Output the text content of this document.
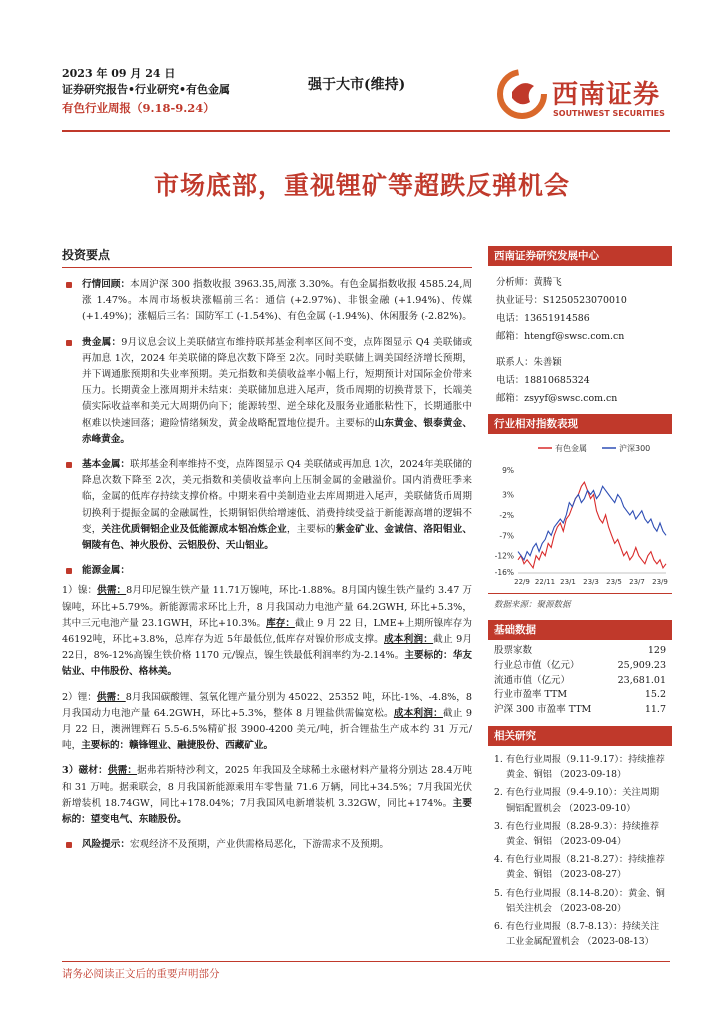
2023 年 09 月 24 日
证券研究报告•行业研究•有色金属
有色行业周报（9.18-9.24）
强于大市(维持)	西南证券
SOUTHWEST SECURITIES
市场底部，重视锂矿等超跌反弹机会
投资要点
行情回顾：本周沪深 300 指数收报 3963.35,周涨 3.30%。有色金属指数收报 4585.24,周涨 1.47%。本周市场板块涨幅前三名：通信 (+2.97%)、非银金融 (+1.94%)、传媒 (+1.49%)；涨幅后三名：国防军工 (-1.54%)、有色金属 (-1.94%)、休闲服务 (-2.82%)。
贵金属：9月议息会议上美联储宣布维持联邦基金利率区间不变，点阵图显示 Q4 美联储或再加息 1次，2024 年美联储的降息次数下降至 2次。同时美联储上调美国经济增长预期，并下调通胀预期和失业率预期。美元指数和美债收益率小幅上行，短期预计对国际金价带来压力。长期黄金上涨周期并未结束：美联储加息进入尾声，货币周期的切换背景下，长端美债实际收益率和美元大周期仍向下；能源转型、逆全球化及服务业通胀粘性下，长期通胀中枢难以快速回落；避险情绪频发，黄金战略配置地位提升。主要标的山东黄金、银泰黄金、赤峰黄金。
基本金属：联邦基金利率维持不变，点阵图显示 Q4 美联储或再加息 1次，2024年美联储的降息次数下降至 2次，美元指数和美债收益率向上压制金属的金融溢价。国内消费旺季来临，金属的低库存持续支撑价格。中期来看中美制造业去库周期进入尾声，美联储货币周期切换利于提振金属的金融属性，长期铜铝供给增速低、消费持续受益于新能源高增的逻辑不变，关注优质铜铝企业及低能源成本铝冶炼企业，主要标的紫金矿业、金诚信、洛阳钼业、铜陵有色、神火股份、云铝股份、天山铝业。
能源金属：
1）镍：供需：8月印尼镍生铁产量 11.71万镍吨，环比-1.88%。8月国内镍生铁产量约 3.47 万镍吨，环比+5.79%。新能源需求环比上升，8 月我国动力电池产量 64.2GWH, 环比+5.3%，其中三元电池产量 23.1GWH，环比+10.3%。库存：截止 9 月 22 日，LME+上期所镍库存为 46192吨，环比+3.8%，总库存为近 5年最低位,低库存对镍价形成支撑。成本利润：截止 9月 22日，8%-12%高镍生铁价格 1170 元/镍点，镍生铁最低利润率约为-2.14%。主要标的：华友钴业、中伟股份、格林美。
2）锂：供需：8月我国碳酸锂、氢氧化锂产量分别为 45022、25352 吨，环比-1%、-4.8%，8 月我国动力电池产量 64.2GWH，环比+5.3%，整体 8 月锂盐供需偏宽松。成本利润：截止 9 月 22 日，澳洲锂辉石 5.5-6.5%精矿报 3900-4200 美元/吨，折合锂盐生产成本约 31 万元/吨，主要标的：赣锋锂业、融捷股份、西藏矿业。
3）磁材：供需：据弗若斯特沙利文，2025 年我国及全球稀土永磁材料产量将分别达 28.4万吨和 31 万吨。据乘联会，8 月我国新能源乘用车零售量 71.6 万辆，同比+34.5%；7月我国光伏新增装机 18.74GW，同比+178.04%；7月我国风电新增装机 3.32GW，同比+174%。主要标的：望变电气、东睦股份。
风险提示：宏观经济不及预期，产业供需格局恶化，下游需求不及预期。
西南证券研究发展中心
分析师：黄腾飞
执业证号：S1250523070010
电话：13651914586
邮箱：htengf@swsc.com.cn
联系人：朱善颖
电话：18810685324
邮箱：zsyyf@swsc.com.cn
行业相对指数表现
有色金属	沪深300
9%
3%
-2%
-7%
-12%
-16%
22/9 22/11 23/1 23/3 23/5 23/7 23/9
数据来源：聚源数据
基础数据
股票家数	129
行业总市值（亿元）	25,909.23
流通市值（亿元）	23,681.01
行业市盈率 TTM	15.2
沪深 300 市盈率 TTM	11.7
相关研究
1. 有色行业周报（9.11-9.17）：持续推荐黄金、铜铝 （2023-09-18）
2. 有色行业周报（9.4-9.10）：关注周期铜铝配置机会 （2023-09-10）
3. 有色行业周报（8.28-9.3）：持续推荐黄金、铜铝 （2023-09-04）
4. 有色行业周报（8.21-8.27）：持续推荐黄金、铜铝 （2023-08-27）
5. 有色行业周报（8.14-8.20）：黄金、铜铝关注机会 （2023-08-20）
6. 有色行业周报（8.7-8.13）：持续关注工业金属配置机会 （2023-08-13）
请务必阅读正文后的重要声明部分
